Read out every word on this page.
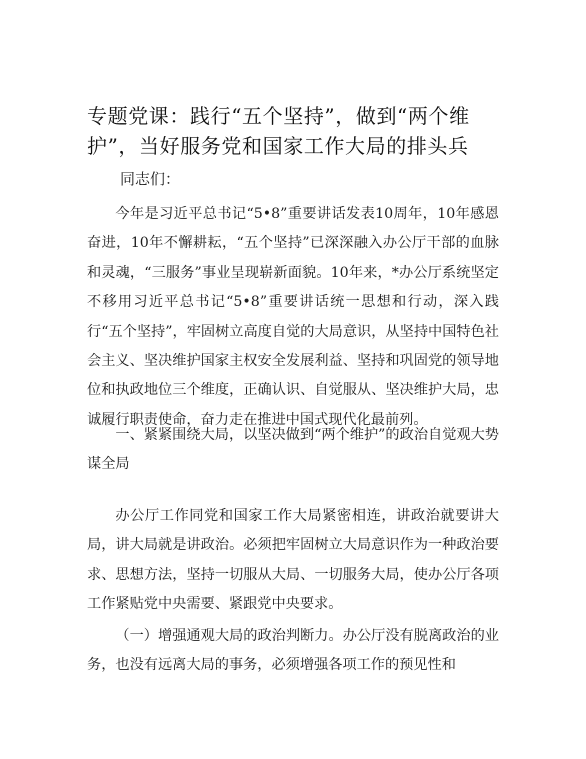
专题党课：践行“五个坚持”，做到“两个维护”，当好服务党和国家工作大局的排头兵

同志们：

今年是习近平总书记“5•8”重要讲话发表10周年，10年感恩奋进，10年不懈耕耘，“五个坚持”已深深融入办公厅干部的血脉和灵魂，“三服务”事业呈现崭新面貌。10年来，*办公厅系统坚定不移用习近平总书记“5•8”重要讲话统一思想和行动，深入践行“五个坚持”，牢固树立高度自觉的大局意识，从坚持中国特色社会主义、坚决维护国家主权安全发展利益、坚持和巩固党的领导地位和执政地位三个维度，正确认识、自觉服从、坚决维护大局，忠诚履行职责使命，奋力走在推进中国式现代化最前列。

一、紧紧围绕大局，以坚决做到“两个维护”的政治自觉观大势谋全局

办公厅工作同党和国家工作大局紧密相连，讲政治就要讲大局，讲大局就是讲政治。必须把牢固树立大局意识作为一种政治要求、思想方法，坚持一切服从大局、一切服务大局，使办公厅各项工作紧贴党中央需要、紧跟党中央要求。

（一）增强通观大局的政治判断力。办公厅没有脱离政治的业务，也没有远离大局的事务，必须增强各项工作的预见性和
